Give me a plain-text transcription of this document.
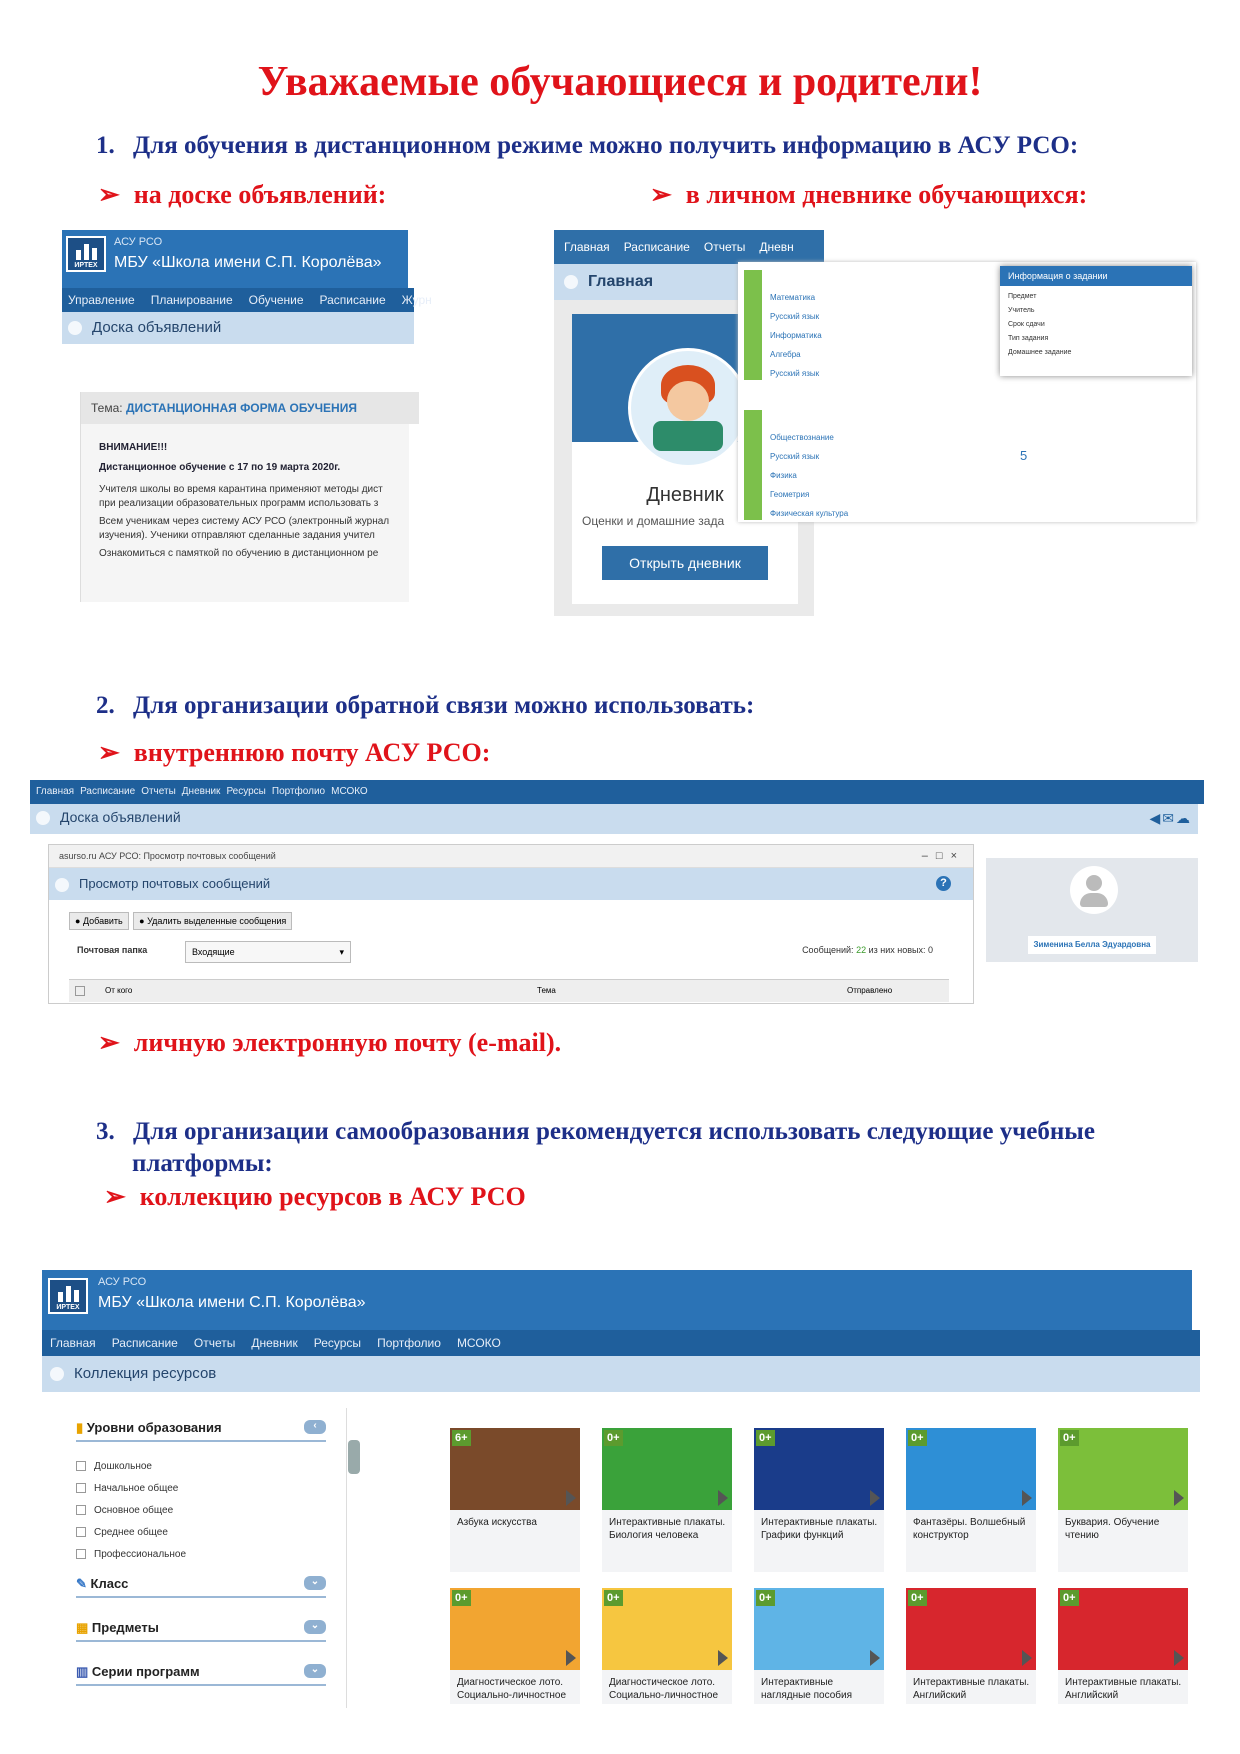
Уважаемые обучающиеся и родители!
1. Для обучения в дистанционном режиме можно получить информацию в АСУ РСО:
➢ на доске объявлений:	➢ в личном дневнике обучающихся:
ИРТЕХ
АСУ РСО
МБУ «Школа имени С.П. Королёва»
Управление Планирование Обучение Расписание Журн
Доска объявлений
Тема: ДИСТАНЦИОННАЯ ФОРМА ОБУЧЕНИЯ
ВНИМАНИЕ!!!
Дистанционное обучение с 17 по 19 марта 2020г.
Учителя школы во время карантина применяют методы дист
при реализации образовательных программ использовать з
Всем ученикам через систему АСУ РСО (электронный журнал
изучения). Ученики отправляют сделанные задания учител
Ознакомиться с памяткой по обучению в дистанционном ре
Главная Расписание Отчеты Дневн
Главная
Дневник
Оценки и домашние зада
Открыть дневник
Математика
Русский язык
Информатика
Алгебра
Русский язык
Обществознание
Русский язык
Физика
Геометрия
Физическая культура
5
Информация о задании
Предмет
Учитель
Срок сдачи
Тип задания
Домашнее задание
2. Для организации обратной связи можно использовать:
➢ внутреннюю почту АСУ РСО:
Главная Расписание Отчеты Дневник Ресурсы Портфолио МСОКО
Доска объявлений	◀✉☁
asurso.ru АСУ РСО: Просмотр почтовых сообщений	–□×
Просмотр почтовых сообщений	?
● Добавить ● Удалить выделенные сообщения
Почтовая папка	Входящие	▾	Сообщений: 22 из них новых: 0
От кого	Тема	Отправлено
Зименина Белла Эдуардовна
➢ личную электронную почту (e-mail).
3. Для организации самообразования рекомендуется использовать следующие учебные
платформы:
➢ коллекцию ресурсов в АСУ РСО
ИРТЕХ
АСУ РСО
МБУ «Школа имени С.П. Королёва»
Главная Расписание Отчеты Дневник Ресурсы Портфолио МСОКО
Коллекция ресурсов
▮ Уровни образования	‹
Дошкольное
Начальное общее
Основное общее
Среднее общее
Профессиональное
✎ Класс	⌄
▦ Предметы	⌄
▥ Серии программ	⌄
6+
Азбука искусства
0+
Интерактивные плакаты. Биология человека
0+
Интерактивные плакаты. Графики функций
0+
Фантазёры. Волшебный конструктор
0+
Буквария. Обучение чтению
0+
Диагностическое лото. Социально-личностное
0+
Диагностическое лото. Социально-личностное
0+
Интерактивные наглядные пособия
0+
Интерактивные плакаты. Английский
0+
Интерактивные плакаты. Английский
